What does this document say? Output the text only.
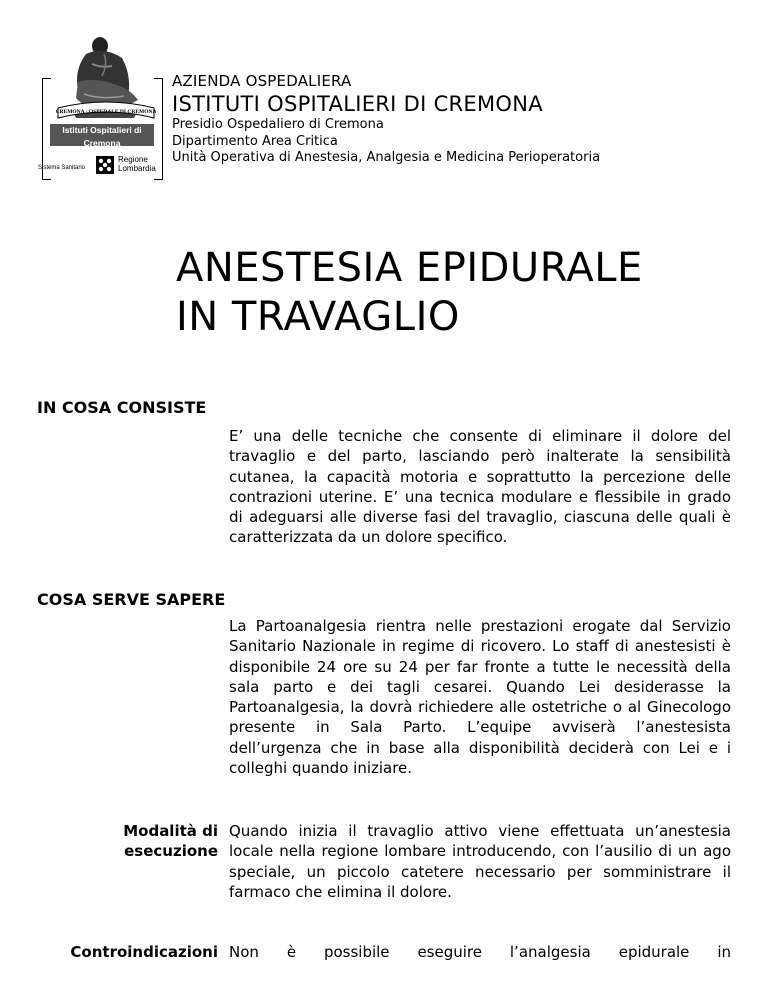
CREMONA · OSPEDALE DI CREMONA
Istituti Ospitalieri di Cremona
AZIENDA OSPEDALIERA
Sistema Sanitario
Regione
Lombardia
AZIENDA OSPEDALIERA
ISTITUTI OSPITALIERI DI CREMONA
Presidio Ospedaliero di Cremona
Dipartimento Area Critica
Unità Operativa di Anestesia, Analgesia e Medicina Perioperatoria
ANESTESIA EPIDURALE
IN TRAVAGLIO
IN COSA CONSISTE
E’ una delle tecniche che consente di eliminare il dolore del travaglio e del parto, lasciando però inalterate la sensibilità cutanea, la capacità motoria e soprattutto la percezione delle contrazioni uterine. E’ una tecnica modulare e flessibile in grado di adeguarsi alle diverse fasi del travaglio, ciascuna delle quali è caratterizzata da un dolore specifico.
COSA SERVE SAPERE
La Partoanalgesia rientra nelle prestazioni erogate dal Servizio Sanitario Nazionale in regime di ricovero. Lo staff di anestesisti è disponibile 24 ore su 24 per far fronte a tutte le necessità della sala parto e dei tagli cesarei. Quando Lei desiderasse la Partoanalgesia, la dovrà richiedere alle ostetriche o al Ginecologo presente in Sala Parto. L’equipe avviserà l’anestesista dell’urgenza che in base alla disponibilità deciderà con Lei e i colleghi quando iniziare.
Modalità di
esecuzione
Quando inizia il travaglio attivo viene effettuata un’anestesia locale nella regione lombare introducendo, con l’ausilio di un ago speciale, un piccolo catetere necessario per somministrare il farmaco che elimina il dolore.
Controindicazioni Non è possibile eseguire l’analgesia epidurale in
